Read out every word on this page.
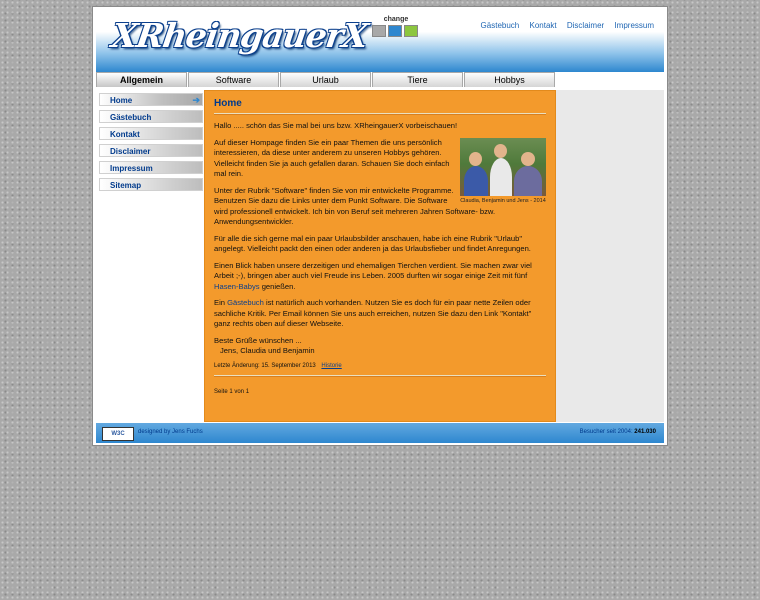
XRheingauerX	change
Gästebuch Kontakt Disclaimer Impressum
Allgemein	Software	Urlaub	Tiere	Hobbys
Home	➔
Gästebuch
Kontakt
Disclaimer
Impressum
Sitemap
Home

Hallo ..... schön das Sie mal bei uns bzw. XRheingauerX vorbeischauen!

Claudia, Benjamin und Jens - 2014

Auf dieser Hompage finden Sie ein paar Themen die uns persönlich interessieren, da diese unter anderem zu unseren Hobbys gehören. Vielleicht finden Sie ja auch gefallen daran. Schauen Sie doch einfach mal rein.

Unter der Rubrik "Software" finden Sie von mir entwickelte Programme. Benutzen Sie dazu die Links unter dem Punkt Software. Die Software wird professionell entwickelt. Ich bin von Beruf seit mehreren Jahren Software- bzw. Anwendungsentwickler.

Für alle die sich gerne mal ein paar Urlaubsbilder anschauen, habe ich eine Rubrik "Urlaub" angelegt. Vielleicht packt den einen oder anderen ja das Urlaubsfieber und findet Anregungen.

Einen Blick haben unsere derzeitigen und ehemaligen Tierchen verdient. Sie machen zwar viel Arbeit ;-), bringen aber auch viel Freude ins Leben. 2005 durften wir sogar einige Zeit mit fünf Hasen-Babys genießen.

Ein Gästebuch ist natürlich auch vorhanden. Nutzen Sie es doch für ein paar nette Zeilen oder sachliche Kritik. Per Email können Sie uns auch erreichen, nutzen Sie dazu den Link "Kontakt" ganz rechts oben auf dieser Webseite.

Beste Grüße wünschen ...

Jens, Claudia und Benjamin

Letzte Änderung: 15. September 2013 Historie
Seite 1 von 1
W3C	designed by Jens Fuchs	Besucher seit 2004: 241.030
